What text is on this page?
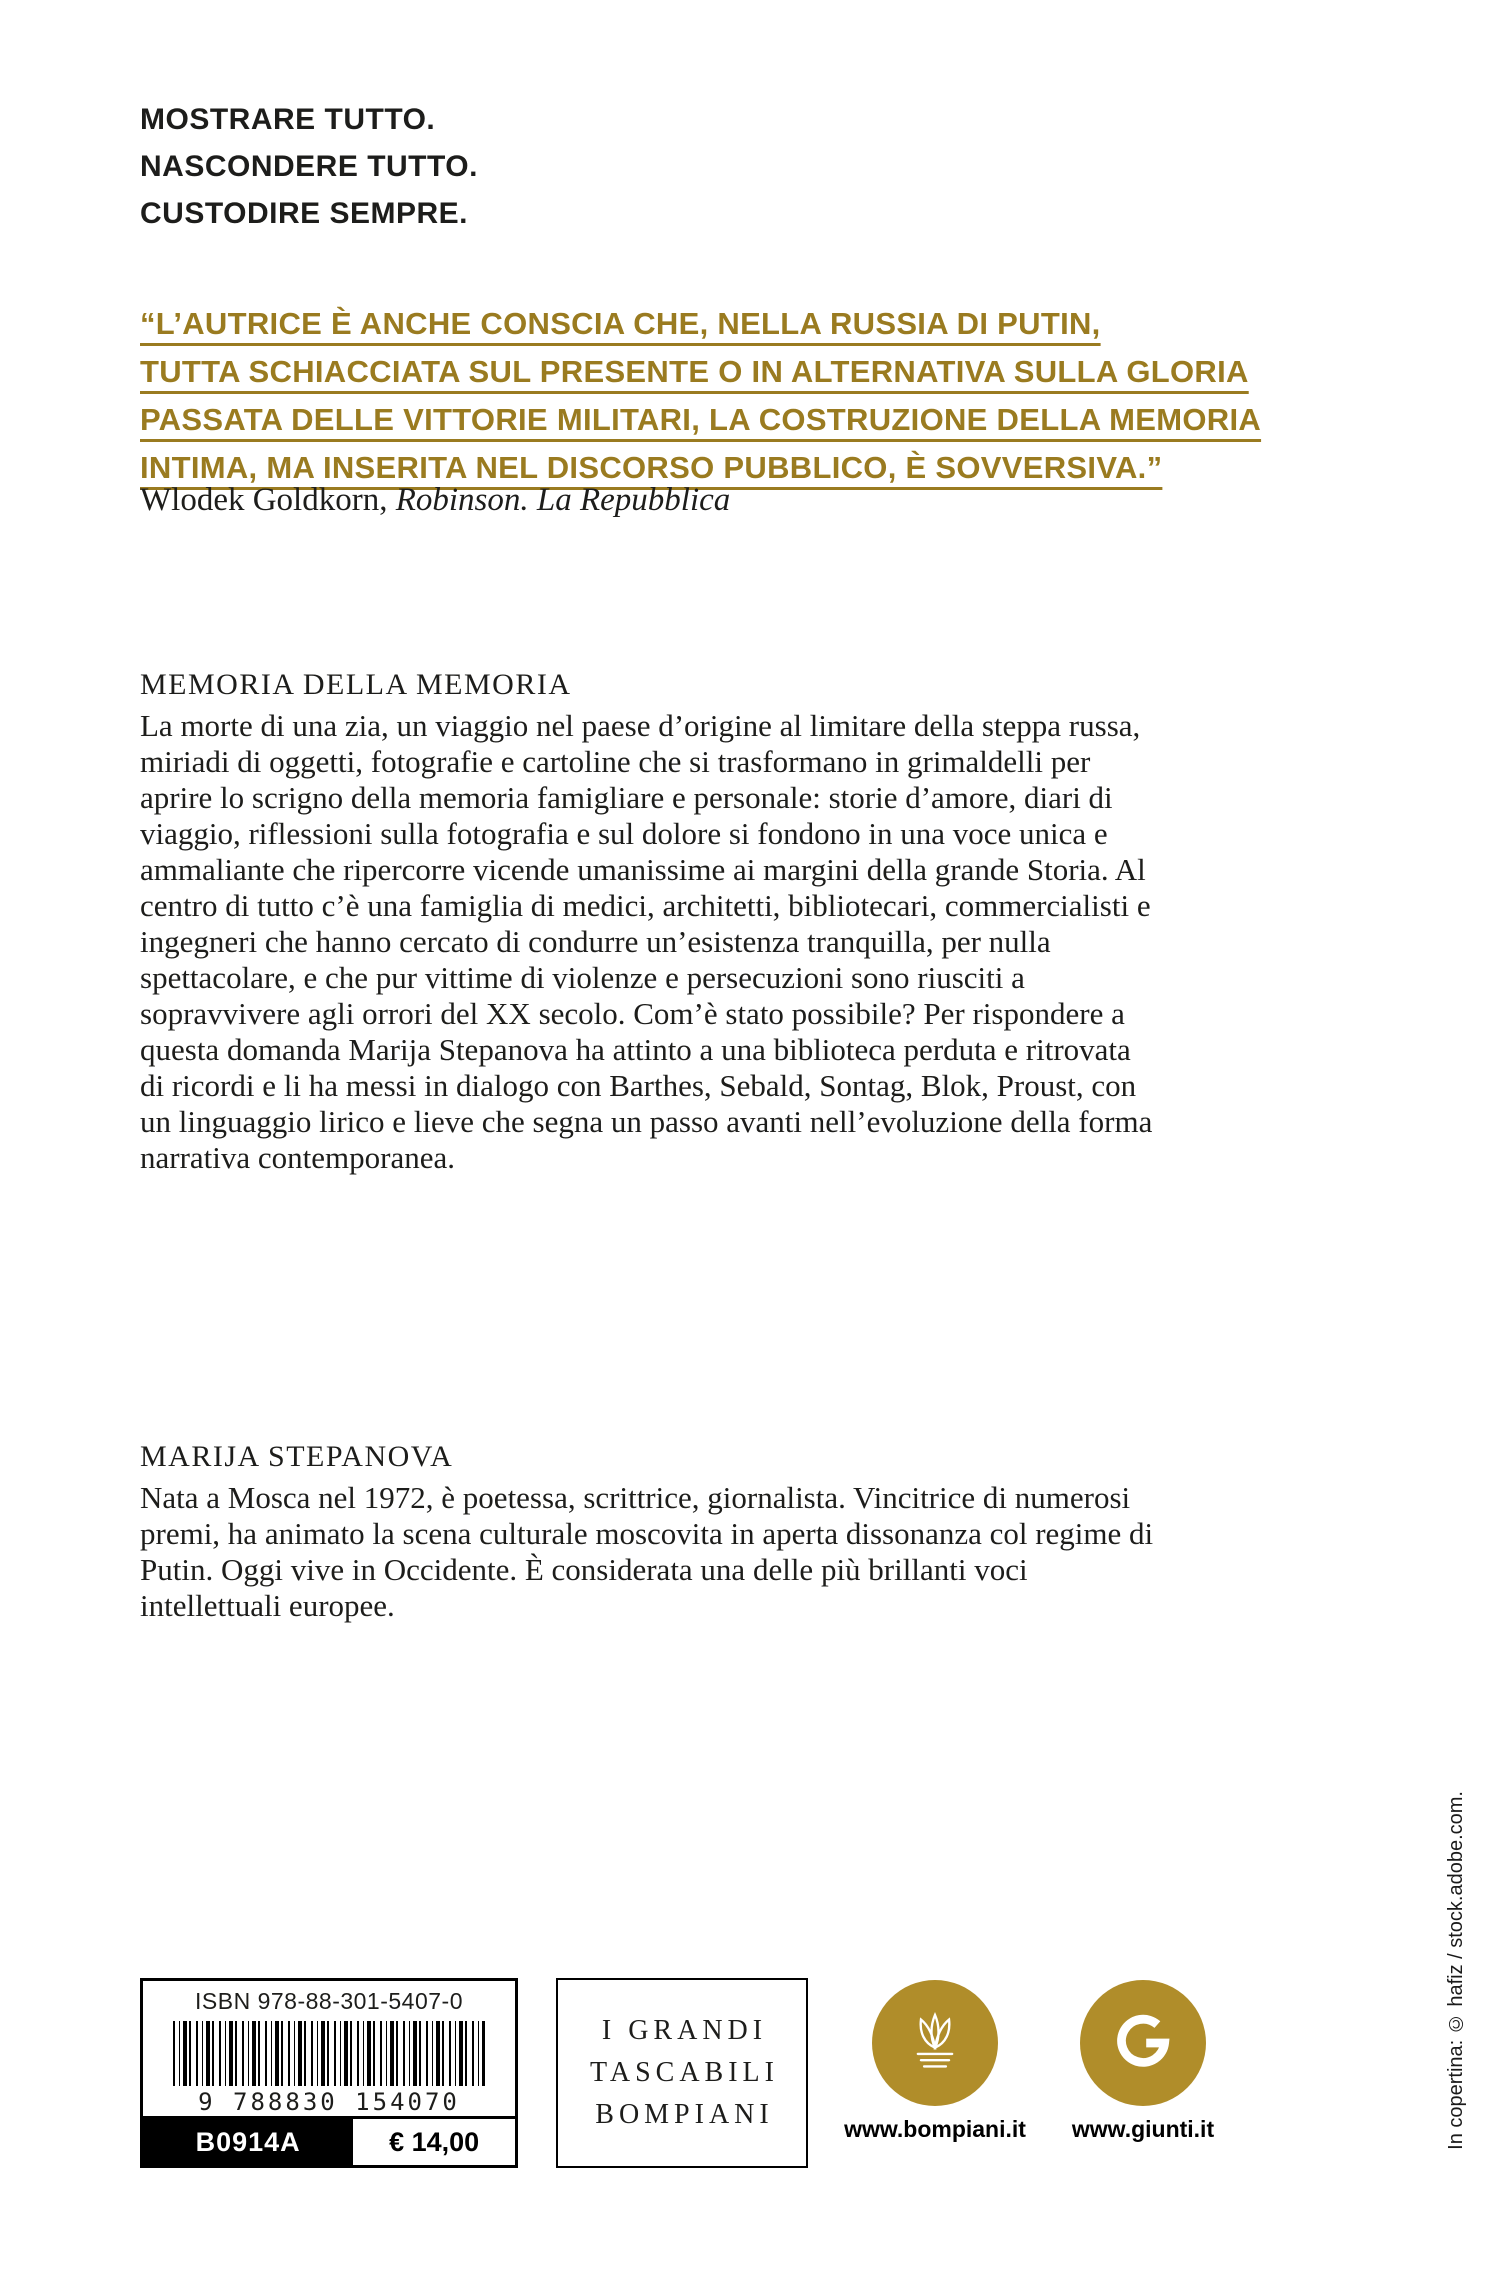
MOSTRARE TUTTO.
NASCONDERE TUTTO.
CUSTODIRE SEMPRE.
“L’AUTRICE È ANCHE CONSCIA CHE, NELLA RUSSIA DI PUTIN,
TUTTA SCHIACCIATA SUL PRESENTE O IN ALTERNATIVA SULLA GLORIA
PASSATA DELLE VITTORIE MILITARI, LA COSTRUZIONE DELLA MEMORIA
INTIMA, MA INSERITA NEL DISCORSO PUBBLICO, È SOVVERSIVA.”
Wlodek Goldkorn, Robinson. La Repubblica
MEMORIA DELLA MEMORIA

La morte di una zia, un viaggio nel paese d’origine al limitare della steppa russa, miriadi di oggetti, fotografie e cartoline che si trasformano in grimaldelli per aprire lo scrigno della memoria famigliare e personale: storie d’amore, diari di viaggio, riflessioni sulla fotografia e sul dolore si fondono in una voce unica e ammaliante che ripercorre vicende umanissime ai margini della grande Storia. Al centro di tutto c’è una famiglia di medici, architetti, bibliotecari, commercialisti e ingegneri che hanno cercato di condurre un’esistenza tranquilla, per nulla spettacolare, e che pur vittime di violenze e persecuzioni sono riusciti a sopravvivere agli orrori del XX secolo. Com’è stato possibile? Per rispondere a questa domanda Marija Stepanova ha attinto a una biblioteca perduta e ritrovata di ricordi e li ha messi in dialogo con Barthes, Sebald, Sontag, Blok, Proust, con un linguaggio lirico e lieve che segna un passo avanti nell’evoluzione della forma narrativa contemporanea.

MARIJA STEPANOVA

Nata a Mosca nel 1972, è poetessa, scrittrice, giornalista. Vincitrice di numerosi premi, ha animato la scena culturale moscovita in aperta dissonanza col regime di Putin. Oggi vive in Occidente. È considerata una delle più brillanti voci intellettuali europee.

In copertina: © hafiz / stock.adobe.com.
ISBN 978-88-301-5407-0
9 788830 154070
B0914A	€ 14,00
I GRANDI
TASCABILI
BOMPIANI	www.bompiani.it www.giunti.it
